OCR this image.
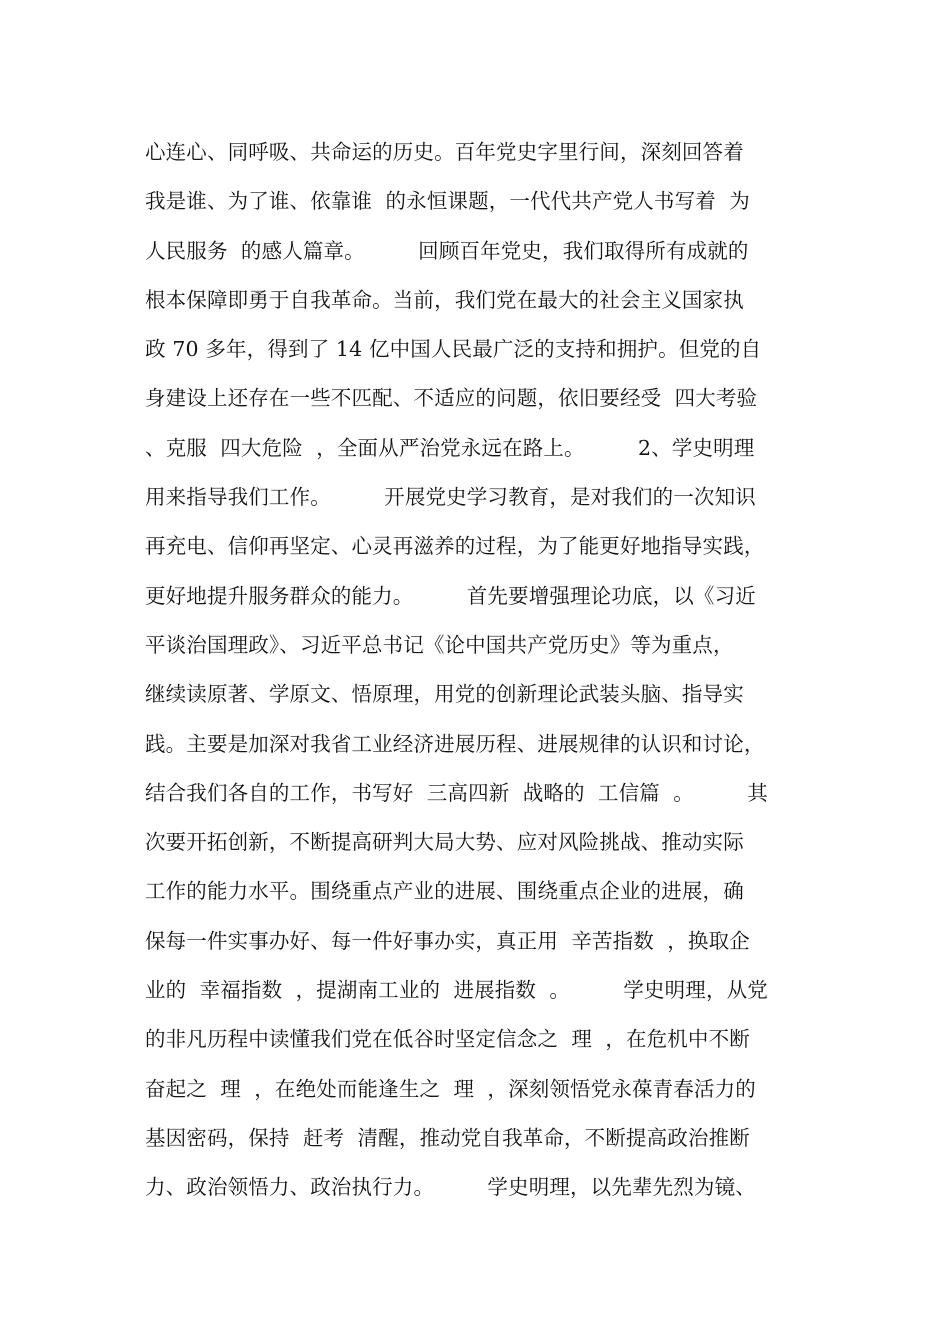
心连心、同呼吸、共命运的历史。百年党史字里行间，深刻回答着
我是谁、为了谁、依靠谁  的永恒课题，一代代共产党人书写着  为
人民服务  的感人篇章。        回顾百年党史，我们取得所有成就的
根本保障即勇于自我革命。当前，我们党在最大的社会主义国家执
政 70 多年，得到了 14 亿中国人民最广泛的支持和拥护。但党的自
身建设上还存在一些不匹配、不适应的问题，依旧要经受  四大考验
、克服  四大危险  ，全面从严治党永远在路上。        2、学史明理
用来指导我们工作。        开展党史学习教育，是对我们的一次知识
再充电、信仰再坚定、心灵再滋养的过程，为了能更好地指导实践，
更好地提升服务群众的能力。        首先要增强理论功底，以《习近
平谈治国理政》、习近平总书记《论中国共产党历史》等为重点，
继续读原著、学原文、悟原理，用党的创新理论武装头脑、指导实
践。主要是加深对我省工业经济进展历程、进展规律的认识和讨论，
结合我们各自的工作，书写好  三高四新  战略的  工信篇  。        其
次要开拓创新，不断提高研判大局大势、应对风险挑战、推动实际
工作的能力水平。围绕重点产业的进展、围绕重点企业的进展，确
保每一件实事办好、每一件好事办实，真正用  辛苦指数  ，换取企
业的  幸福指数  ，提湖南工业的  进展指数  。        学史明理，从党
的非凡历程中读懂我们党在低谷时坚定信念之  理  ，在危机中不断
奋起之  理  ，在绝处而能逢生之  理  ，深刻领悟党永葆青春活力的
基因密码，保持  赶考  清醒，推动党自我革命，不断提高政治推断
力、政治领悟力、政治执行力。        学史明理，以先辈先烈为镜、
